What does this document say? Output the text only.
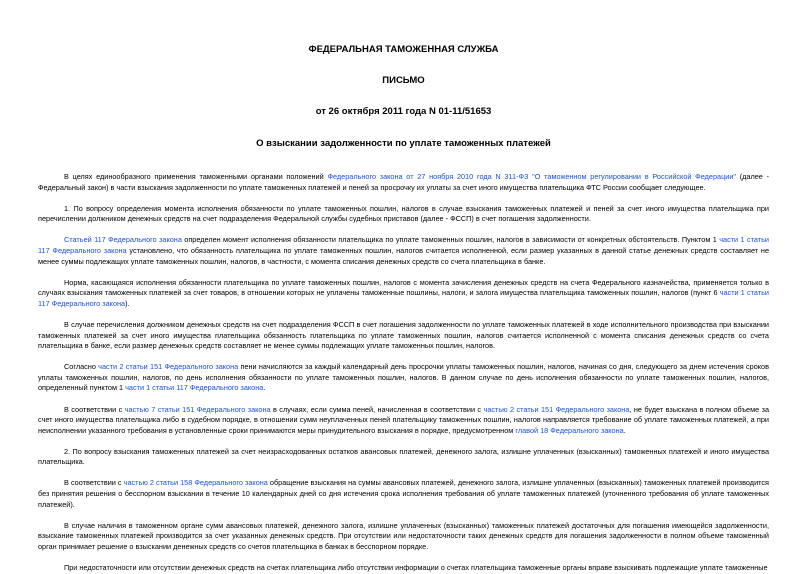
ФЕДЕРАЛЬНАЯ ТАМОЖЕННАЯ СЛУЖБА
ПИСЬМО
от 26 октября 2011 года N 01-11/51653
О взыскании задолженности по уплате таможенных платежей

В целях единообразного применения таможенными органами положений Федерального закона от 27 ноября 2010 года N 311-ФЗ "О таможенном регулировании в Российской Федерации" (далее - Федеральный закон) в части взыскания задолженности по уплате таможенных платежей и пеней за просрочку их уплаты за счет иного имущества плательщика ФТС России сообщает следующее.

1. По вопросу определения момента исполнения обязанности по уплате таможенных пошлин, налогов в случае взыскания таможенных платежей и пеней за счет иного имущества плательщика при перечислении должником денежных средств на счет подразделения Федеральной службы судебных приставов (далее - ФССП) в счет погашения задолженности.

Статьей 117 Федерального закона определен момент исполнения обязанности плательщика по уплате таможенных пошлин, налогов в зависимости от конкретных обстоятельств. Пунктом 1 части 1 статьи 117 Федерального закона установлено, что обязанность плательщика по уплате таможенных пошлин, налогов считается исполненной, если размер указанных в данной статье денежных средств составляет не менее суммы подлежащих уплате таможенных пошлин, налогов, в частности, с момента списания денежных средств со счета плательщика в банке.

Норма, касающаяся исполнения обязанности плательщика по уплате таможенных пошлин, налогов с момента зачисления денежных средств на счета Федерального казначейства, применяется только в случаях взыскания таможенных платежей за счет товаров, в отношении которых не уплачены таможенные пошлины, налоги, и залога имущества плательщика таможенных пошлин, налогов (пункт 6 части 1 статьи 117 Федерального закона).

В случае перечисления должником денежных средств на счет подразделения ФССП в счет погашения задолженности по уплате таможенных платежей в ходе исполнительного производства при взыскании таможенных платежей за счет иного имущества плательщика обязанность плательщика по уплате таможенных пошлин, налогов считается исполненной с момента списания денежных средств со счета плательщика в банке, если размер денежных средств составляет не менее суммы подлежащих уплате таможенных пошлин, налогов.

Согласно части 2 статьи 151 Федерального закона пени начисляются за каждый календарный день просрочки уплаты таможенных пошлин, налогов, начиная со дня, следующего за днем истечения сроков уплаты таможенных пошлин, налогов, по день исполнения обязанности по уплате таможенных пошлин, налогов. В данном случае по день исполнения обязанности по уплате таможенных пошлин, налогов, определенный пунктом 1 части 1 статьи 117 Федерального закона.

В соответствии с частью 7 статьи 151 Федерального закона в случаях, если сумма пеней, начисленная в соответствии с частью 2 статьи 151 Федерального закона, не будет взыскана в полном объеме за счет иного имущества плательщика либо в судебном порядке, в отношении сумм неуплаченных пеней плательщику таможенных пошлин, налогов направляется требование об уплате таможенных платежей, а при неисполнении указанного требования в установленные сроки принимаются меры принудительного взыскания в порядке, предусмотренном главой 18 Федерального закона.

2. По вопросу взыскания таможенных платежей за счет неизрасходованных остатков авансовых платежей, денежного залога, излишне уплаченных (взысканных) таможенных платежей и иного имущества плательщика.

В соответствии с частью 2 статьи 158 Федерального закона обращение взыскания на суммы авансовых платежей, денежного залога, излишне уплаченных (взысканных) таможенных платежей производится без принятия решения о бесспорном взыскании в течение 10 календарных дней со дня истечения срока исполнения требования об уплате таможенных платежей (уточненного требования об уплате таможенных платежей).

В случае наличия в таможенном органе сумм авансовых платежей, денежного залога, излишне уплаченных (взысканных) таможенных платежей достаточных для погашения имеющейся задолженности, взыскание таможенных платежей производится за счет указанных денежных средств. При отсутствии или недостаточности таких денежных средств для погашения задолженности в полном объеме таможенный орган принимает решение о взыскании денежных средств со счетов плательщика в банках в бесспорном порядке.

При недостаточности или отсутствии денежных средств на счетах плательщика либо отсутствии информации о счетах плательщика таможенные органы вправе взыскивать подлежащие уплате таможенные
